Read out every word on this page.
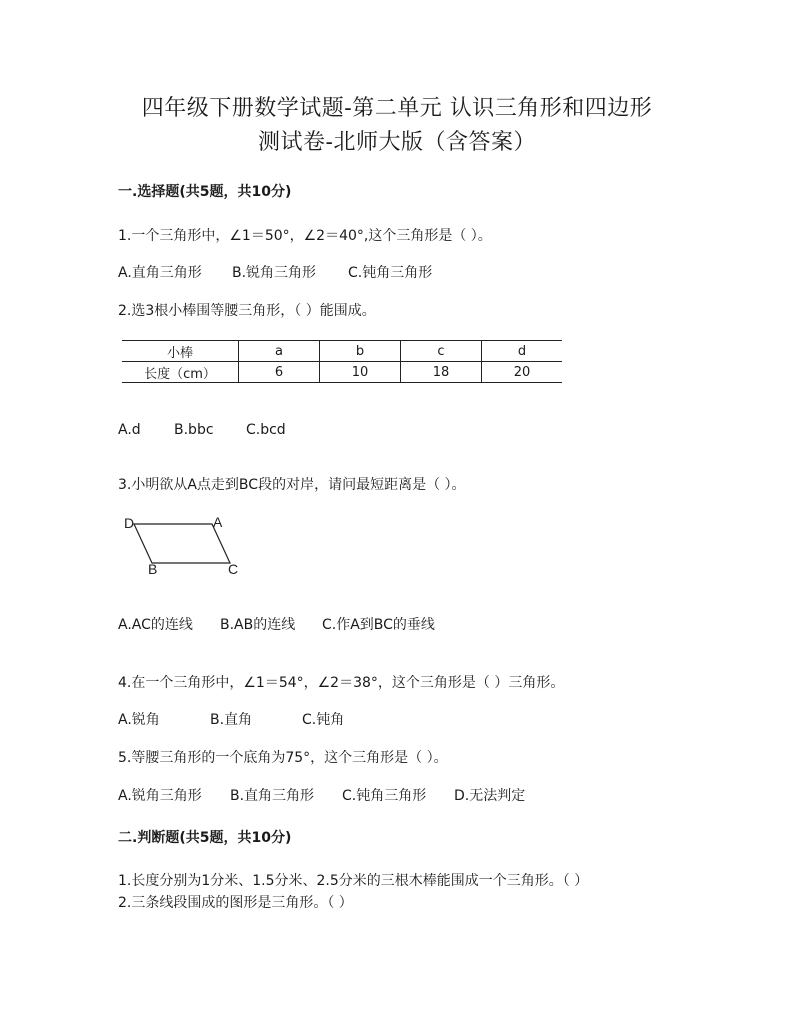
四年级下册数学试题-第二单元 认识三角形和四边形
测试卷-北师大版（含答案）
一.选择题(共5题，共10分)
1.一个三角形中，∠1＝50°，∠2＝40°,这个三角形是（ ）。
A.直角三角形 B.锐角三角形 C.钝角三角形
2.选3根小棒围等腰三角形，（ ）能围成。
小棒	a	b	c	d
长度（cm）	6	10	18	20
A.d B.bbc C.bcd
3.小明欲从A点走到BC段的对岸，请问最短距离是（ ）。
D	A
B	C
A.AC的连线 B.AB的连线 C.作A到BC的垂线
4.在一个三角形中，∠1＝54°，∠2＝38°，这个三角形是（ ）三角形。
A.锐角	B.直角	C.钝角
5.等腰三角形的一个底角为75°，这个三角形是（ ）。
A.锐角三角形 B.直角三角形 C.钝角三角形 D.无法判定
二.判断题(共5题，共10分)
1.长度分别为1分米、1.5分米、2.5分米的三根木棒能围成一个三角形。（ ）
2.三条线段围成的图形是三角形。（ ）
